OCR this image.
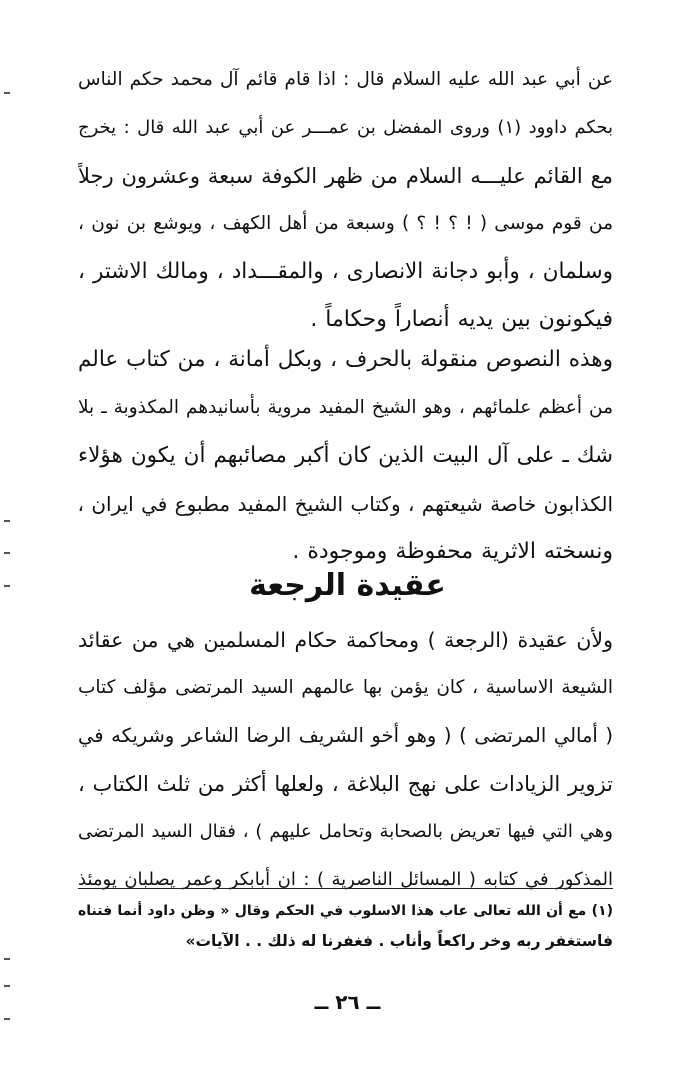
عن أبي عبد الله عليه السلام قال : اذا قام قائم آل محمد حكم الناس
بحكم داوود (١) وروى المفضل بن عمـــر عن أبي عبد الله قال : يخرج
مع القائم عليـــه السلام من ظهر الكوفة سبعة وعشرون رجلاً
من قوم موسى ( ! ؟ ! ؟ ) وسبعة من أهل الكهف ، ويوشع بن نون ،
وسلمان ، وأبو دجانة الانصارى ، والمقـــداد ، ومالك الاشتر ،
فيكونون بين يديه أنصاراً وحكاماً .
وهذه النصوص منقولة بالحرف ، وبكل أمانة ، من كتاب عالم
من أعظم علمائهم ، وهو الشيخ المفيد مروية بأسانيدهم المكذوبة ـ بلا
شك ـ على آل البيت الذين كان أكبر مصائبهم أن يكون هؤلاء
الكذابون خاصة شيعتهم ، وكتاب الشيخ المفيد مطبوع في ايران ،
ونسخته الاثرية محفوظة وموجودة .
عقيدة الرجعة
ولأن عقيدة (الرجعة ) ومحاكمة حكام المسلمين هي من عقائد
الشيعة الاساسية ، كان يؤمن بها عالمهم السيد المرتضى مؤلف كتاب
( أمالي المرتضى ) ( وهو أخو الشريف الرضا الشاعر وشريكه في
تزوير الزيادات على نهج البلاغة ، ولعلها أكثر من ثلث الكتاب ،
وهي التي فيها تعريض بالصحابة وتحامل عليهم ) ، فقال السيد المرتضى
المذكور في كتابه ( المسائل الناصرية ) : ان أبابكر وعمر يصلبان يومئذ
(١) مع أن الله تعالى عاب هذا الاسلوب في الحكم وقال « وظن داود أنما فتناه
فاستغفر ربه وخر راكعاً وأناب . فغفرنا له ذلك . . الآيات»
ــ ٢٦ ــ
